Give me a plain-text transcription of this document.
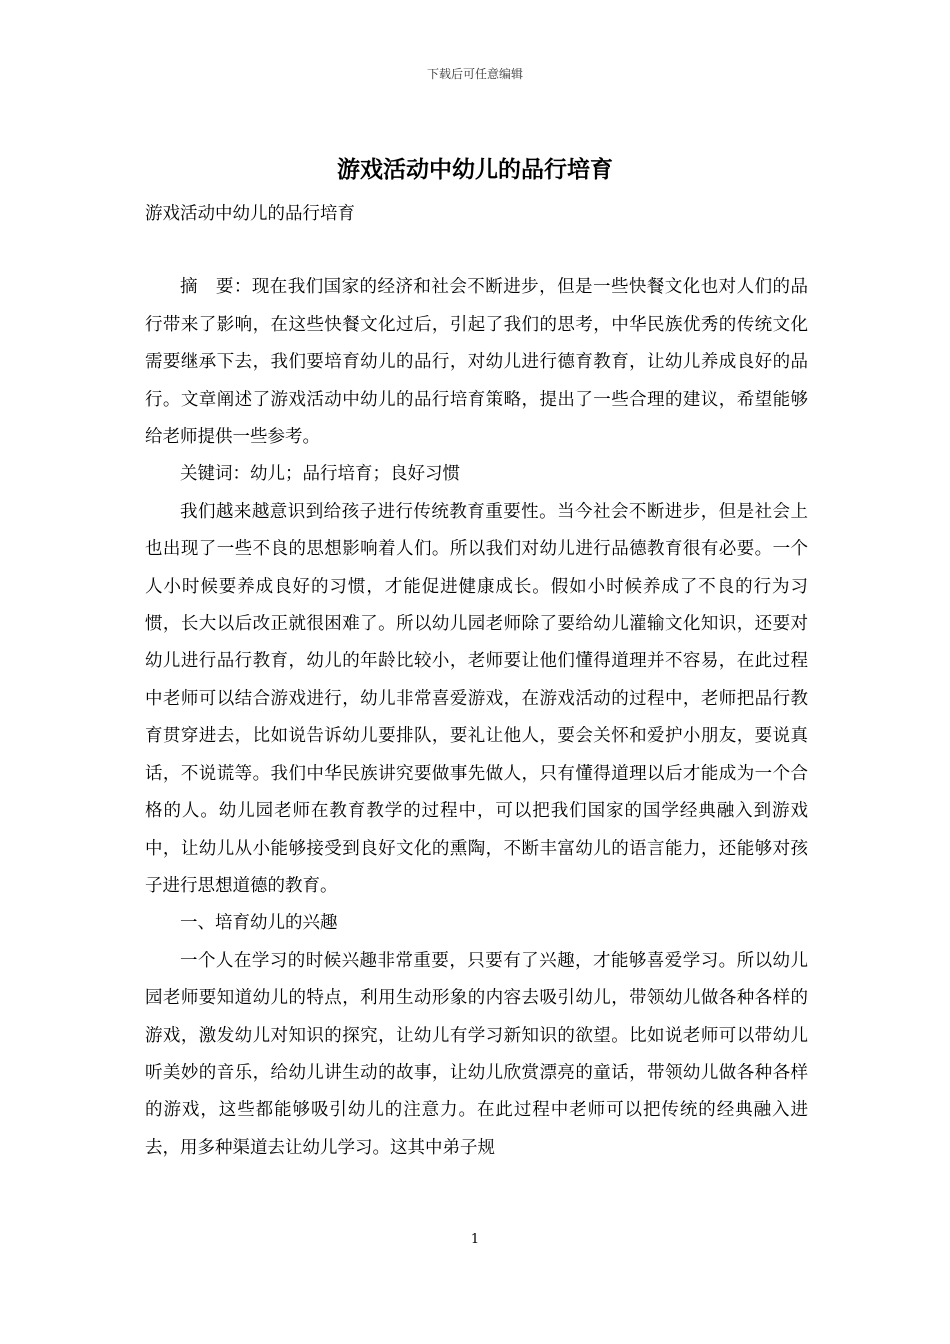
下载后可任意编辑
游戏活动中幼儿的品行培育

游戏活动中幼儿的品行培育

摘　要：现在我们国家的经济和社会不断进步，但是一些快餐文化也对人们的品行带来了影响，在这些快餐文化过后，引起了我们的思考，中华民族优秀的传统文化需要继承下去，我们要培育幼儿的品行，对幼儿进行德育教育，让幼儿养成良好的品行。文章阐述了游戏活动中幼儿的品行培育策略，提出了一些合理的建议，希望能够给老师提供一些参考。

关键词：幼儿；品行培育；良好习惯

我们越来越意识到给孩子进行传统教育重要性。当今社会不断进步，但是社会上也出现了一些不良的思想影响着人们。所以我们对幼儿进行品德教育很有必要。一个人小时候要养成良好的习惯，才能促进健康成长。假如小时候养成了不良的行为习惯，长大以后改正就很困难了。所以幼儿园老师除了要给幼儿灌输文化知识，还要对幼儿进行品行教育，幼儿的年龄比较小，老师要让他们懂得道理并不容易，在此过程中老师可以结合游戏进行，幼儿非常喜爱游戏，在游戏活动的过程中，老师把品行教育贯穿进去，比如说告诉幼儿要排队，要礼让他人，要会关怀和爱护小朋友，要说真话，不说谎等。我们中华民族讲究要做事先做人，只有懂得道理以后才能成为一个合格的人。幼儿园老师在教育教学的过程中，可以把我们国家的国学经典融入到游戏中，让幼儿从小能够接受到良好文化的熏陶，不断丰富幼儿的语言能力，还能够对孩子进行思想道德的教育。

一、培育幼儿的兴趣

一个人在学习的时候兴趣非常重要，只要有了兴趣，才能够喜爱学习。所以幼儿园老师要知道幼儿的特点，利用生动形象的内容去吸引幼儿，带领幼儿做各种各样的游戏，激发幼儿对知识的探究，让幼儿有学习新知识的欲望。比如说老师可以带幼儿听美妙的音乐，给幼儿讲生动的故事，让幼儿欣赏漂亮的童话，带领幼儿做各种各样的游戏，这些都能够吸引幼儿的注意力。在此过程中老师可以把传统的经典融入进去，用多种渠道去让幼儿学习。这其中弟子规

1
